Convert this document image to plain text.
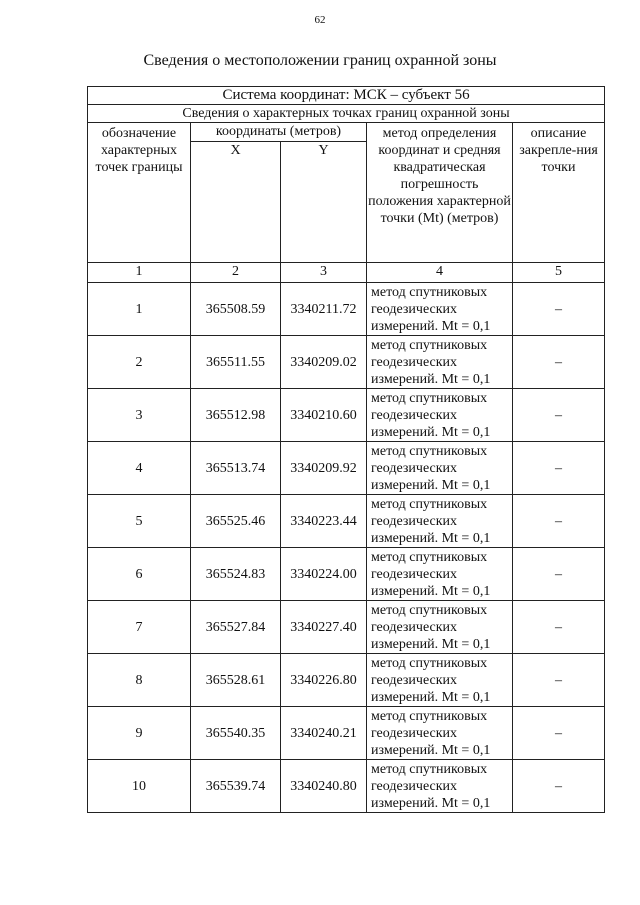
62
Сведения о местоположении границ охранной зоны
Система координат: МСК – субъект 56				
Сведения о характерных точках границ охранной зоны				

обозначение характерных точек границы	координаты (метров)		метод определения координат и средняя квадратическая погрешность положения характерной точки (Mt) (метров)	описание закрепле-ния точки

	X	Y		
1	2	3	4	5
1	365508.59	3340211.72	метод спутниковых геодезических измерений. Mt = 0,1	–
2	365511.55	3340209.02	метод спутниковых геодезических измерений. Mt = 0,1	–
3	365512.98	3340210.60	метод спутниковых геодезических измерений. Mt = 0,1	–
4	365513.74	3340209.92	метод спутниковых геодезических измерений. Mt = 0,1	–
5	365525.46	3340223.44	метод спутниковых геодезических измерений. Mt = 0,1	–
6	365524.83	3340224.00	метод спутниковых геодезических измерений. Mt = 0,1	–
7	365527.84	3340227.40	метод спутниковых геодезических измерений. Mt = 0,1	–
8	365528.61	3340226.80	метод спутниковых геодезических измерений. Mt = 0,1	–
9	365540.35	3340240.21	метод спутниковых геодезических измерений. Mt = 0,1	–
10	365539.74	3340240.80	метод спутниковых геодезических измерений. Mt = 0,1	–
